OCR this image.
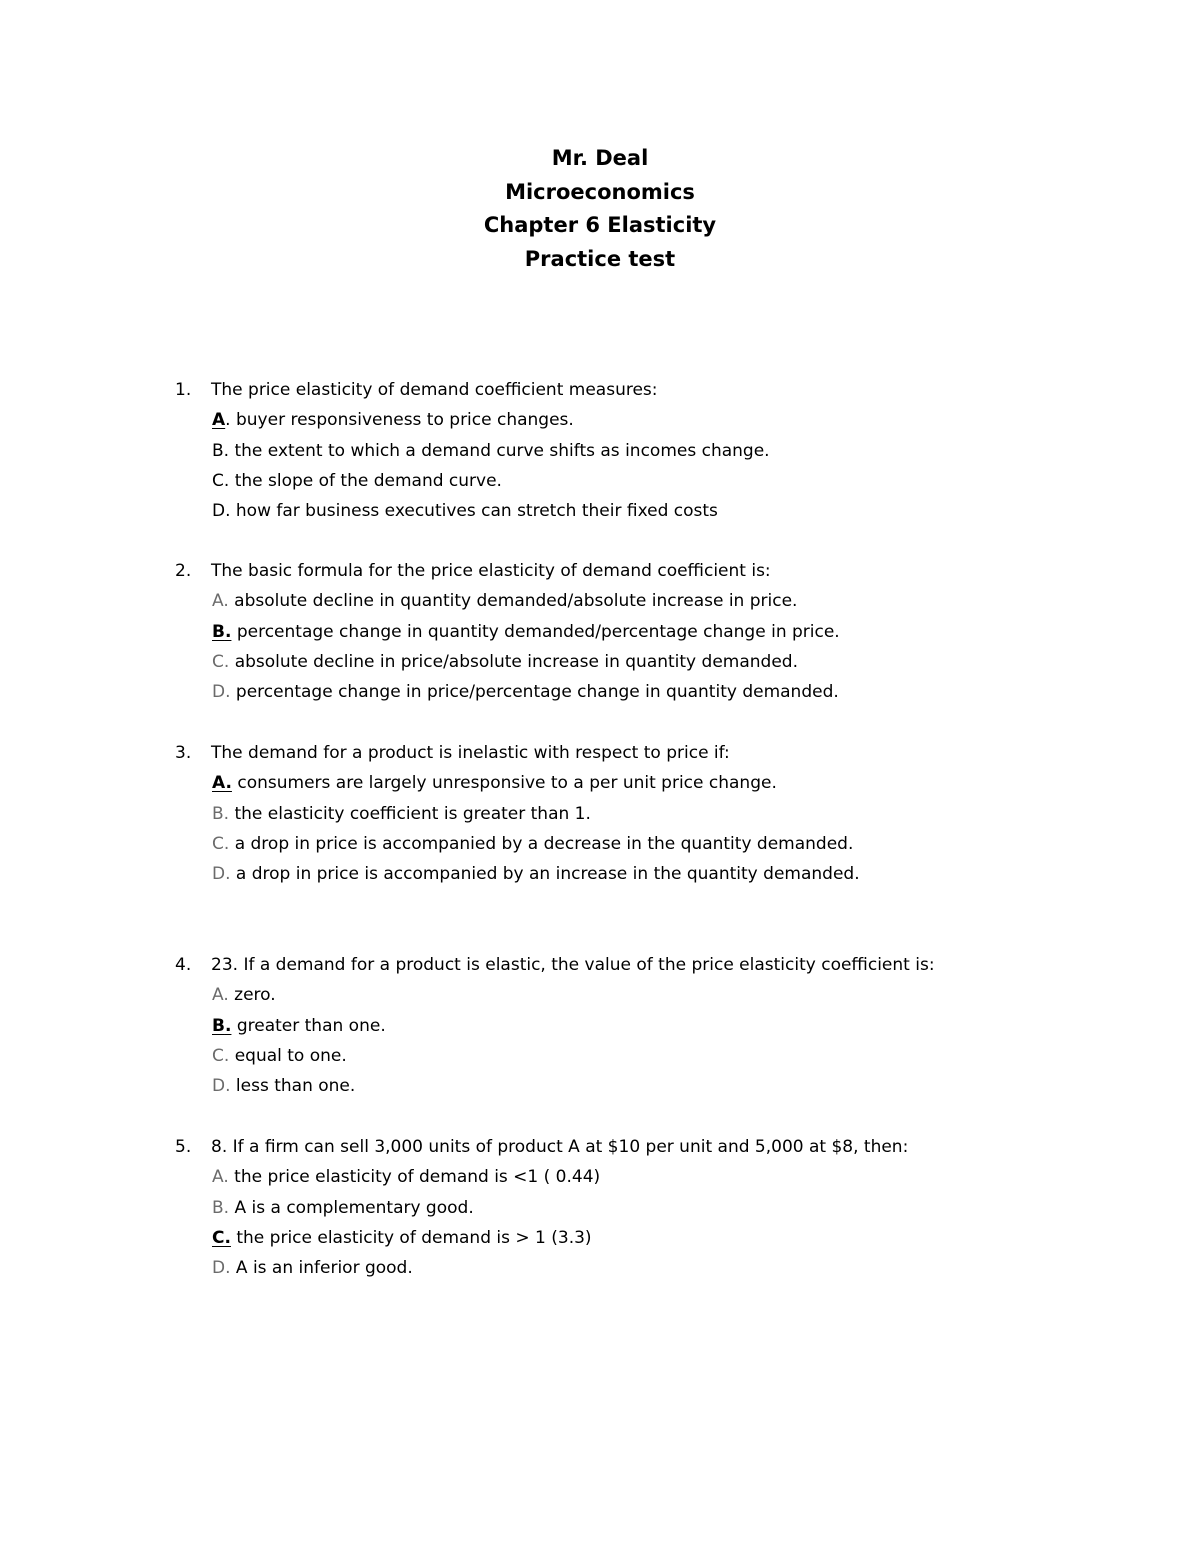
Mr. Deal
Microeconomics
Chapter 6 Elasticity
Practice test
1. The price elasticity of demand coefficient measures:
A. buyer responsiveness to price changes.
B. the extent to which a demand curve shifts as incomes change.
C. the slope of the demand curve.
D. how far business executives can stretch their fixed costs
2. The basic formula for the price elasticity of demand coefficient is:
A. absolute decline in quantity demanded/absolute increase in price.
B. percentage change in quantity demanded/percentage change in price.
C. absolute decline in price/absolute increase in quantity demanded.
D. percentage change in price/percentage change in quantity demanded.
3. The demand for a product is inelastic with respect to price if:
A. consumers are largely unresponsive to a per unit price change.
B. the elasticity coefficient is greater than 1.
C. a drop in price is accompanied by a decrease in the quantity demanded.
D. a drop in price is accompanied by an increase in the quantity demanded.
4. 23. If a demand for a product is elastic, the value of the price elasticity coefficient is:
A. zero.
B. greater than one.
C. equal to one.
D. less than one.
5. 8. If a firm can sell 3,000 units of product A at $10 per unit and 5,000 at $8, then:
A. the price elasticity of demand is <1 ( 0.44)
B. A is a complementary good.
C. the price elasticity of demand is > 1 (3.3)
D. A is an inferior good.
